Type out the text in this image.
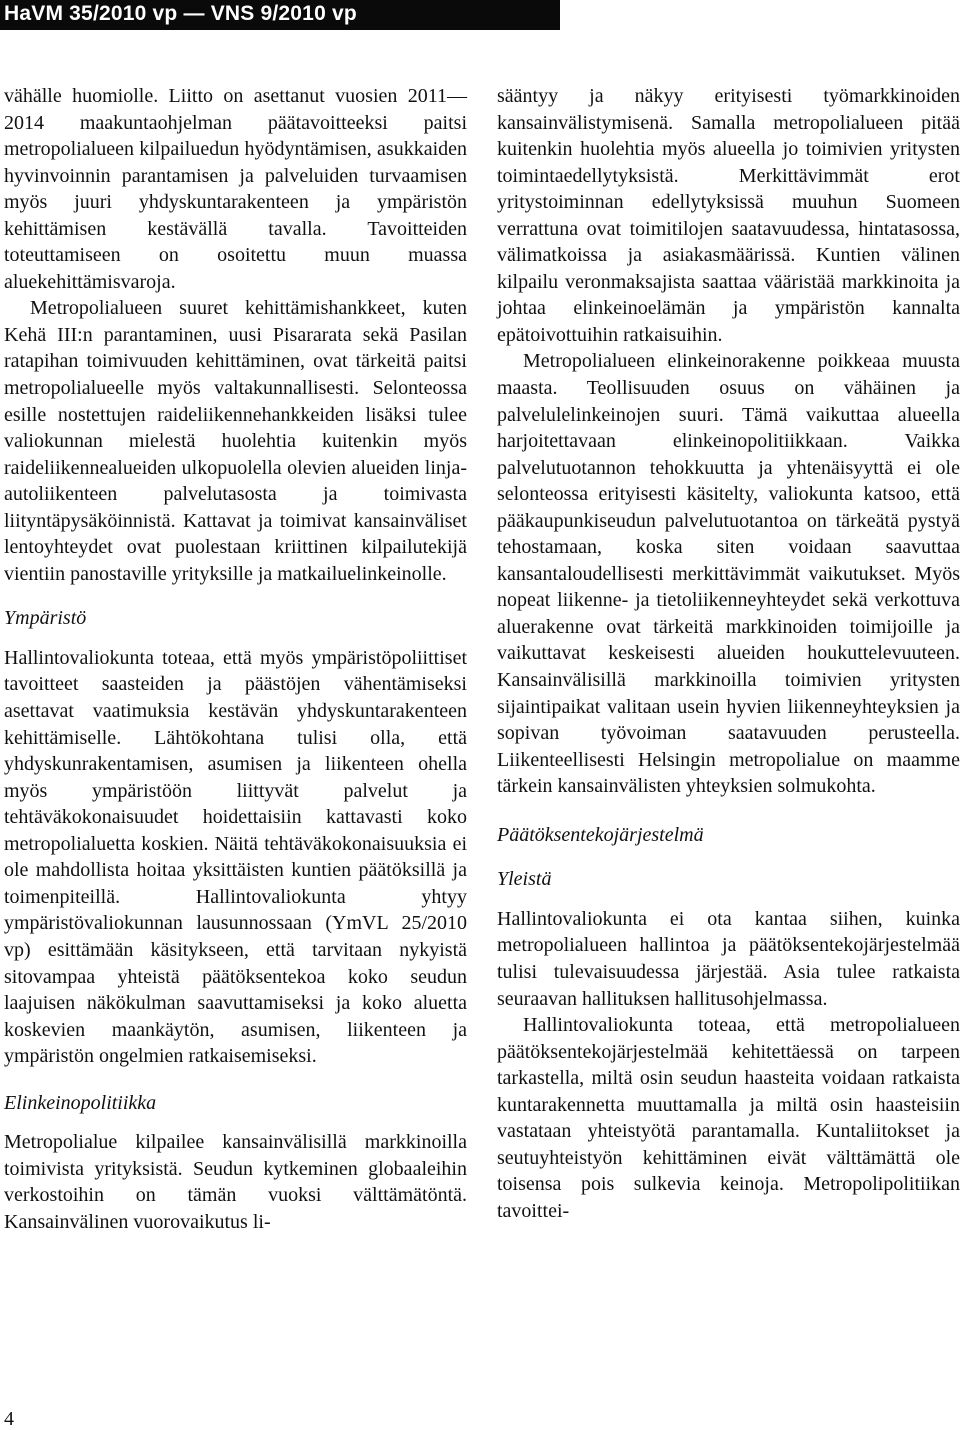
HaVM 35/2010 vp — VNS 9/2010 vp

vähälle huomiolle. Liitto on asettanut vuosien 2011—2014 maakuntaohjelman päätavoitteeksi paitsi metropolialueen kilpailuedun hyödyntämisen, asukkaiden hyvinvoinnin parantamisen ja palveluiden turvaamisen myös juuri yhdyskuntarakenteen ja ympäristön kehittämisen kestävällä tavalla. Tavoitteiden toteuttamiseen on osoitettu muun muassa aluekehittämisvaroja.

Metropolialueen suuret kehittämishankkeet, kuten Kehä III:n parantaminen, uusi Pisararata sekä Pasilan ratapihan toimivuuden kehittäminen, ovat tärkeitä paitsi metropolialueelle myös valtakunnallisesti. Selonteossa esille nostettujen raideliikennehankkeiden lisäksi tulee valiokunnan mielestä huolehtia kuitenkin myös raideliikennealueiden ulkopuolella olevien alueiden linja-autoliikenteen palvelutasosta ja toimivasta liityntäpysäköinnistä. Kattavat ja toimivat kansainväliset lentoyhteydet ovat puolestaan kriittinen kilpailutekijä vientiin panostaville yrityksille ja matkailuelinkeinolle.

Ympäristö

Hallintovaliokunta toteaa, että myös ympäristöpoliittiset tavoitteet saasteiden ja päästöjen vähentämiseksi asettavat vaatimuksia kestävän yhdyskuntarakenteen kehittämiselle. Lähtökohtana tulisi olla, että yhdyskunrakentamisen, asumisen ja liikenteen ohella myös ympäristöön liittyvät palvelut ja tehtäväkokonaisuudet hoidettaisiin kattavasti koko metropolialuetta koskien. Näitä tehtäväkokonaisuuksia ei ole mahdollista hoitaa yksittäisten kuntien päätöksillä ja toimenpiteillä. Hallintovaliokunta yhtyy ympäristövaliokunnan lausunnossaan (YmVL 25/2010 vp) esittämään käsitykseen, että tarvitaan nykyistä sitovampaa yhteistä päätöksentekoa koko seudun laajuisen näkökulman saavuttamiseksi ja koko aluetta koskevien maankäytön, asumisen, liikenteen ja ympäristön ongelmien ratkaisemiseksi.

Elinkeinopolitiikka

Metropolialue kilpailee kansainvälisillä markkinoilla toimivista yrityksistä. Seudun kytkeminen globaaleihin verkostoihin on tämän vuoksi välttämätöntä. Kansainvälinen vuorovaikutus li-

sääntyy ja näkyy erityisesti työmarkkinoiden kansainvälistymisenä. Samalla metropolialueen pitää kuitenkin huolehtia myös alueella jo toimivien yritysten toimintaedellytyksistä. Merkittävimmät erot yritystoiminnan edellytyksissä muuhun Suomeen verrattuna ovat toimitilojen saatavuudessa, hintatasossa, välimatkoissa ja asiakasmäärissä. Kuntien välinen kilpailu veronmaksajista saattaa vääristää markkinoita ja johtaa elinkeinoelämän ja ympäristön kannalta epätoivottuihin ratkaisuihin.

Metropolialueen elinkeinorakenne poikkeaa muusta maasta. Teollisuuden osuus on vähäinen ja palvelulelinkeinojen suuri. Tämä vaikuttaa alueella harjoitettavaan elinkeinopolitiikkaan. Vaikka palvelutuotannon tehokkuutta ja yhtenäisyyttä ei ole selonteossa erityisesti käsitelty, valiokunta katsoo, että pääkaupunkiseudun palvelutuotantoa on tärkeätä pystyä tehostamaan, koska siten voidaan saavuttaa kansantaloudellisesti merkittävimmät vaikutukset. Myös nopeat liikenne- ja tietoliikenneyhteydet sekä verkottuva aluerakenne ovat tärkeitä markkinoiden toimijoille ja vaikuttavat keskeisesti alueiden houkuttelevuuteen. Kansainvälisillä markkinoilla toimivien yritysten sijaintipaikat valitaan usein hyvien liikenneyhteyksien ja sopivan työvoiman saatavuuden perusteella. Liikenteellisesti Helsingin metropolialue on maamme tärkein kansainvälisten yhteyksien solmukohta.

Päätöksentekojärjestelmä
Yleistä

Hallintovaliokunta ei ota kantaa siihen, kuinka metropolialueen hallintoa ja päätöksentekojärjestelmää tulisi tulevaisuudessa järjestää. Asia tulee ratkaista seuraavan hallituksen hallitusohjelmassa.

Hallintovaliokunta toteaa, että metropolialueen päätöksentekojärjestelmää kehitettäessä on tarpeen tarkastella, miltä osin seudun haasteita voidaan ratkaista kuntarakennetta muuttamalla ja miltä osin haasteisiin vastataan yhteistyötä parantamalla. Kuntaliitokset ja seutuyhteistyön kehittäminen eivät välttämättä ole toisensa pois sulkevia keinoja. Metropolipolitiikan tavoittei-

4
